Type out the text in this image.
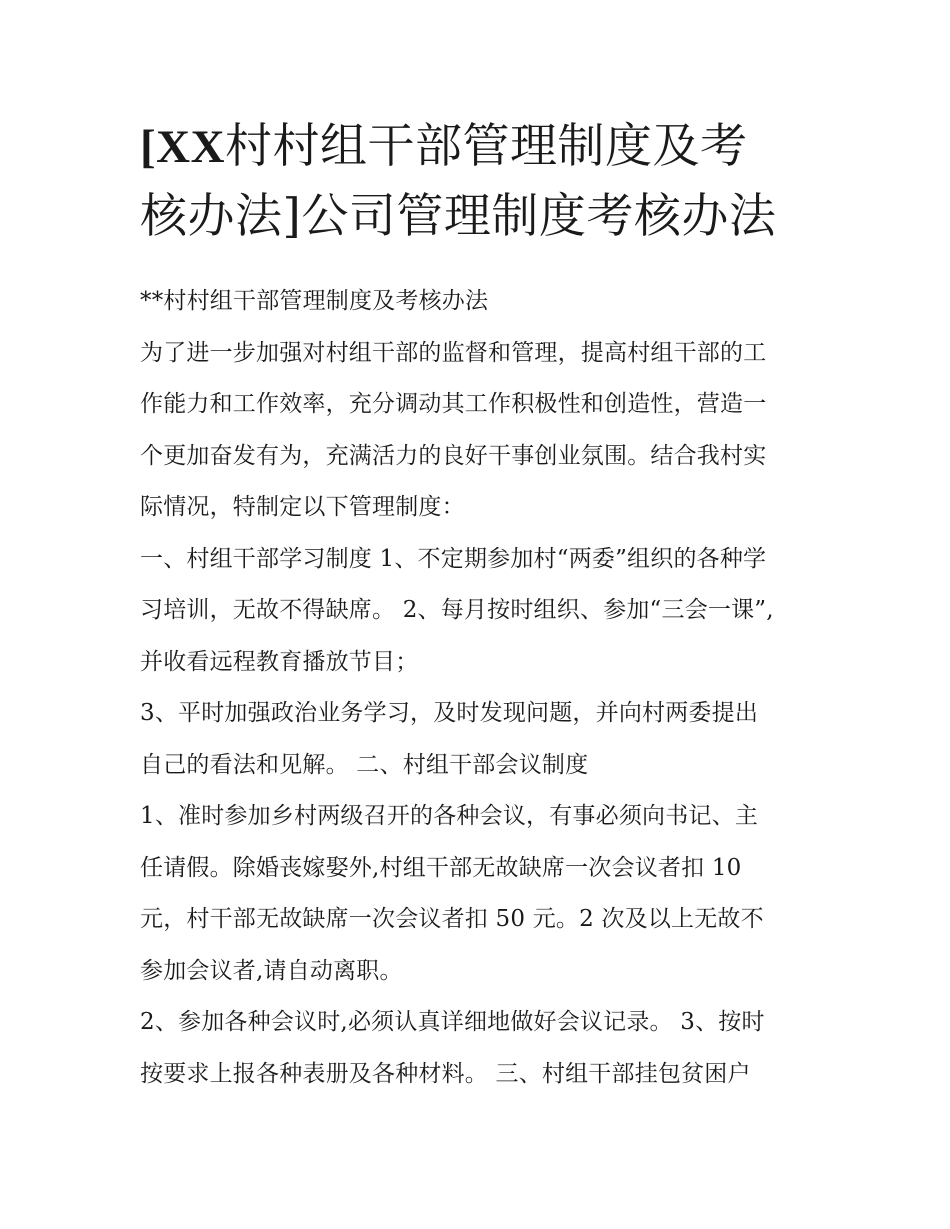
[XX村村组干部管理制度及考
核办法]公司管理制度考核办法
**村村组干部管理制度及考核办法
为了进一步加强对村组干部的监督和管理，提高村组干部的工
作能力和工作效率，充分调动其工作积极性和创造性，营造一
个更加奋发有为，充满活力的良好干事创业氛围。结合我村实
际情况，特制定以下管理制度：
一、村组干部学习制度 1、不定期参加村“两委”组织的各种学
习培训，无故不得缺席。 2、每月按时组织、参加“三会一课”,
并收看远程教育播放节目；
3、平时加强政治业务学习，及时发现问题，并向村两委提出
自己的看法和见解。 二、村组干部会议制度
1、准时参加乡村两级召开的各种会议，有事必须向书记、主
任请假。除婚丧嫁娶外,村组干部无故缺席一次会议者扣 10
元，村干部无故缺席一次会议者扣 50 元。2 次及以上无故不
参加会议者,请自动离职。
2、参加各种会议时,必须认真详细地做好会议记录。 3、按时
按要求上报各种表册及各种材料。 三、村组干部挂包贫困户
